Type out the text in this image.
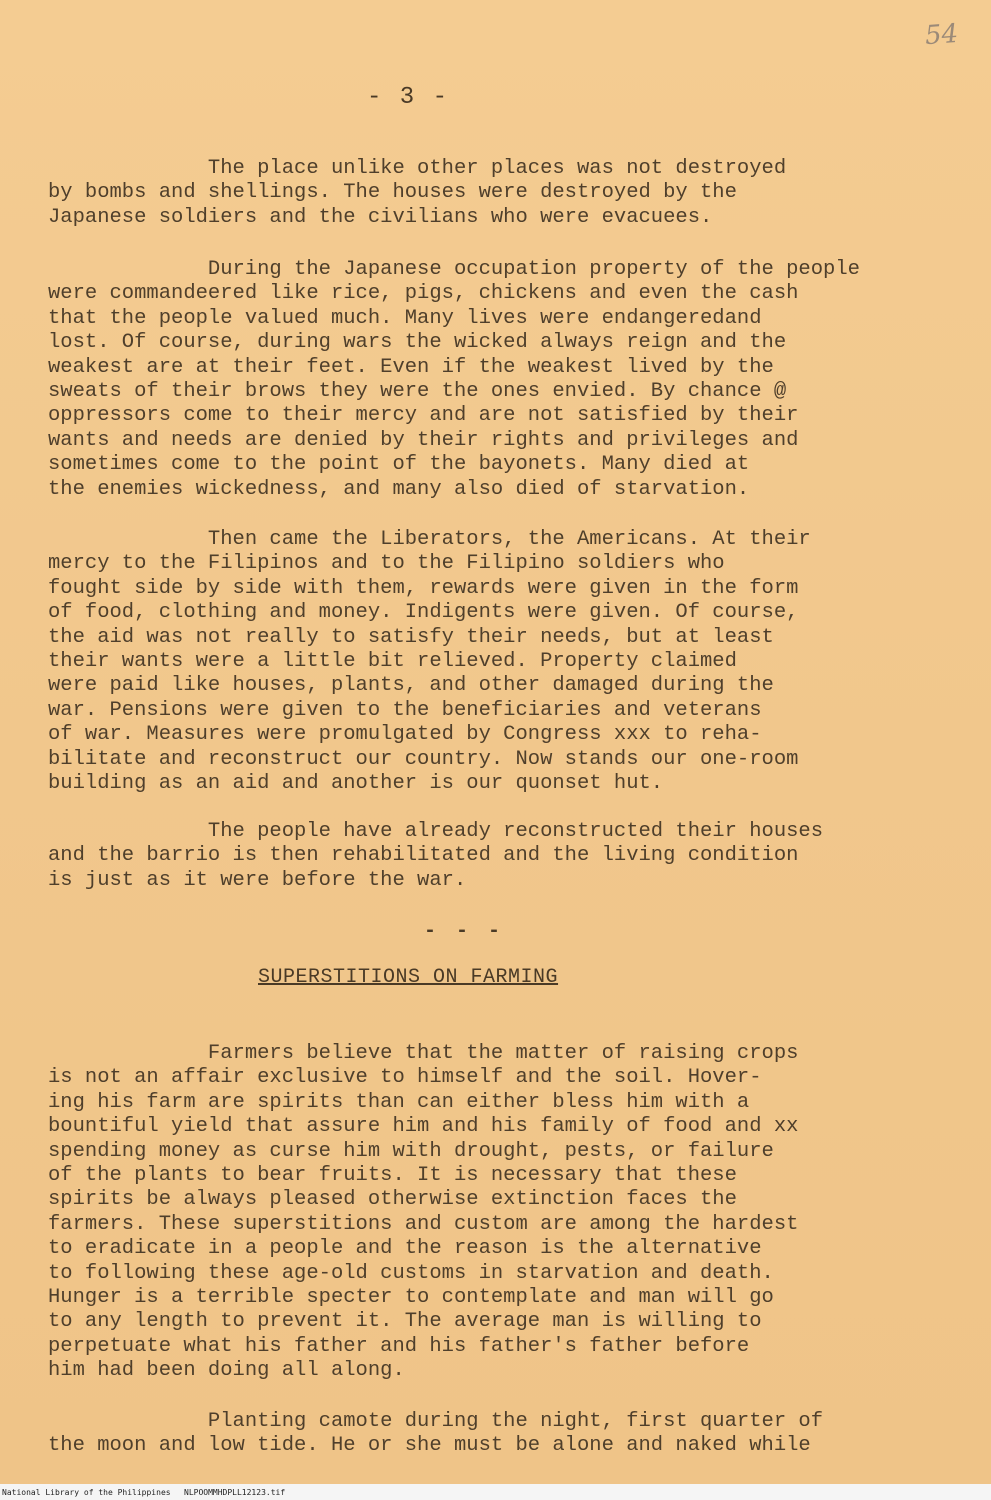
54
- 3 -

The place unlike other places was not destroyed
by bombs and shellings. The houses were destroyed by the
Japanese soldiers and the civilians who were evacuees.

During the Japanese occupation property of the people
were commandeered like rice, pigs, chickens and even the cash
that the people valued much. Many lives were endangeredand
lost. Of course, during wars the wicked always reign and the
weakest are at their feet. Even if the weakest lived by the
sweats of their brows they were the ones envied. By chance @
oppressors come to their mercy and are not satisfied by their
wants and needs are denied by their rights and privileges and
sometimes come to the point of the bayonets. Many died at
the enemies wickedness, and many also died of starvation.

Then came the Liberators, the Americans. At their
mercy to the Filipinos and to the Filipino soldiers who
fought side by side with them, rewards were given in the form
of food, clothing and money. Indigents were given. Of course,
the aid was not really to satisfy their needs, but at least
their wants were a little bit relieved. Property claimed
were paid like houses, plants, and other damaged during the
war. Pensions were given to the beneficiaries and veterans
of war. Measures were promulgated by Congress xxx to reha-
bilitate and reconstruct our country. Now stands our one-room
building as an aid and another is our quonset hut.

The people have already reconstructed their houses
and the barrio is then rehabilitated and the living condition
is just as it were before the war.

- - -
SUPERSTITIONS ON FARMING

Farmers believe that the matter of raising crops
is not an affair exclusive to himself and the soil. Hover-
ing his farm are spirits than can either bless him with a
bountiful yield that assure him and his family of food and xx
spending money as curse him with drought, pests, or failure
of the plants to bear fruits. It is necessary that these
spirits be always pleased otherwise extinction faces the
farmers. These superstitions and custom are among the hardest
to eradicate in a people and the reason is the alternative
to following these age-old customs in starvation and death.
Hunger is a terrible specter to contemplate and man will go
to any length to prevent it. The average man is willing to
perpetuate what his father and his father's father before
him had been doing all along.

Planting camote during the night, first quarter of
the moon and low tide. He or she must be alone and naked while

National Library of the Philippines NLPOOMMHDPLL12123.tif
